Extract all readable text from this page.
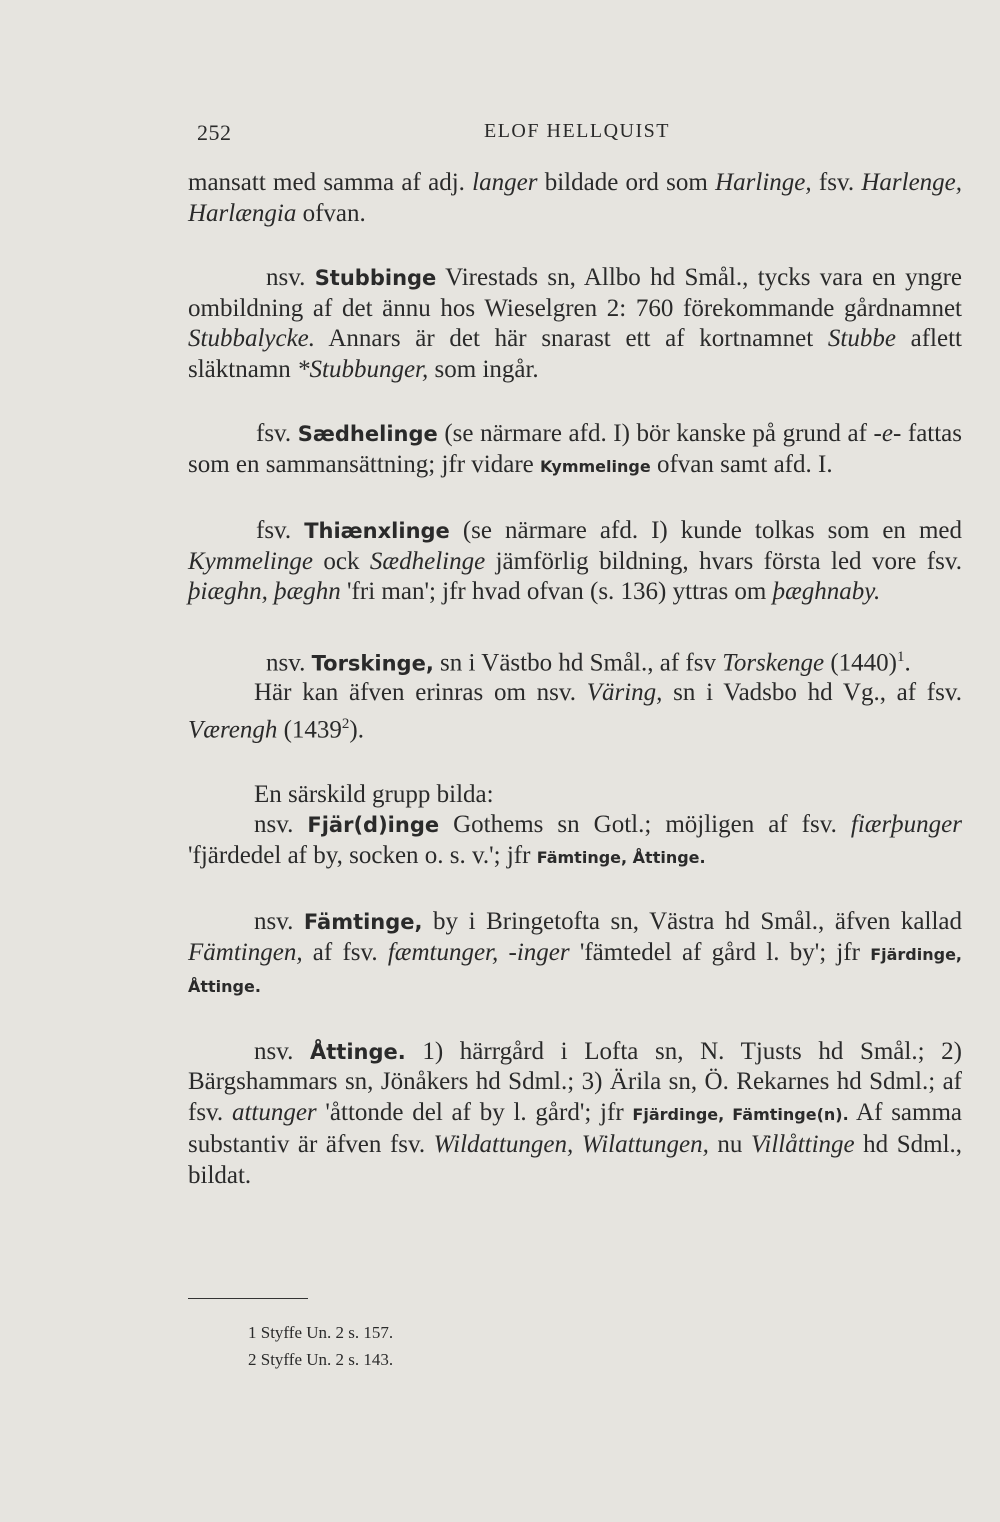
252	ELOF HELLQUIST

mansatt med samma af adj. langer bildade ord som Harlinge, fsv. Harlenge, Harlængia ofvan.

nsv. Stubbinge Virestads sn, Allbo hd Smål., tycks vara en yngre ombildning af det ännu hos Wieselgren 2: 760 förekommande gårdnamnet Stubbalycke. Annars är det här snarast ett af kortnamnet Stubbe aflett släktnamn *Stubbunger, som ingår.

fsv. Sædhelinge (se närmare afd. I) bör kanske på grund af -e- fattas som en sammansättning; jfr vidare Kymmelinge ofvan samt afd. I.

fsv. Thiænxlinge (se närmare afd. I) kunde tolkas som en med Kymmelinge ock Sædhelinge jämförlig bildning, hvars första led vore fsv. þiæghn, þæghn 'fri man'; jfr hvad ofvan (s. 136) yttras om þæghnaby.

nsv. Torskinge, sn i Västbo hd Smål., af fsv Torskenge $(1440)^1$.

Här kan äfven erinras om nsv. Väring, sn i Vadsbo hd Vg., af fsv. Værengh (1439$^2$).

En särskild grupp bilda:

nsv. Fjär(d)inge Gothems sn Gotl.; möjligen af fsv. fiærþunger 'fjärdedel af by, socken o. s. v.'; jfr Fämtinge, Åttinge.

nsv. Fämtinge, by i Bringetofta sn, Västra hd Smål., äfven kallad Fämtingen, af fsv. fæmtunger, -inger 'fämtedel af gård l. by'; jfr Fjärdinge, Åttinge.

nsv. Åttinge. 1) härrgård i Lofta sn, N. Tjusts hd Smål.; 2) Bärgshammars sn, Jönåkers hd Sdml.; 3) Ärila sn, Ö. Rekarnes hd Sdml.; af fsv. attunger 'åttonde del af by l. gård'; jfr Fjärdinge, Fämtinge(n). Af samma substantiv är äfven fsv. Wildattungen, Wilattungen, nu Villåttinge hd Sdml., bildat.

1 Styffe Un. 2 s. 157.
2 Styffe Un. 2 s. 143.
